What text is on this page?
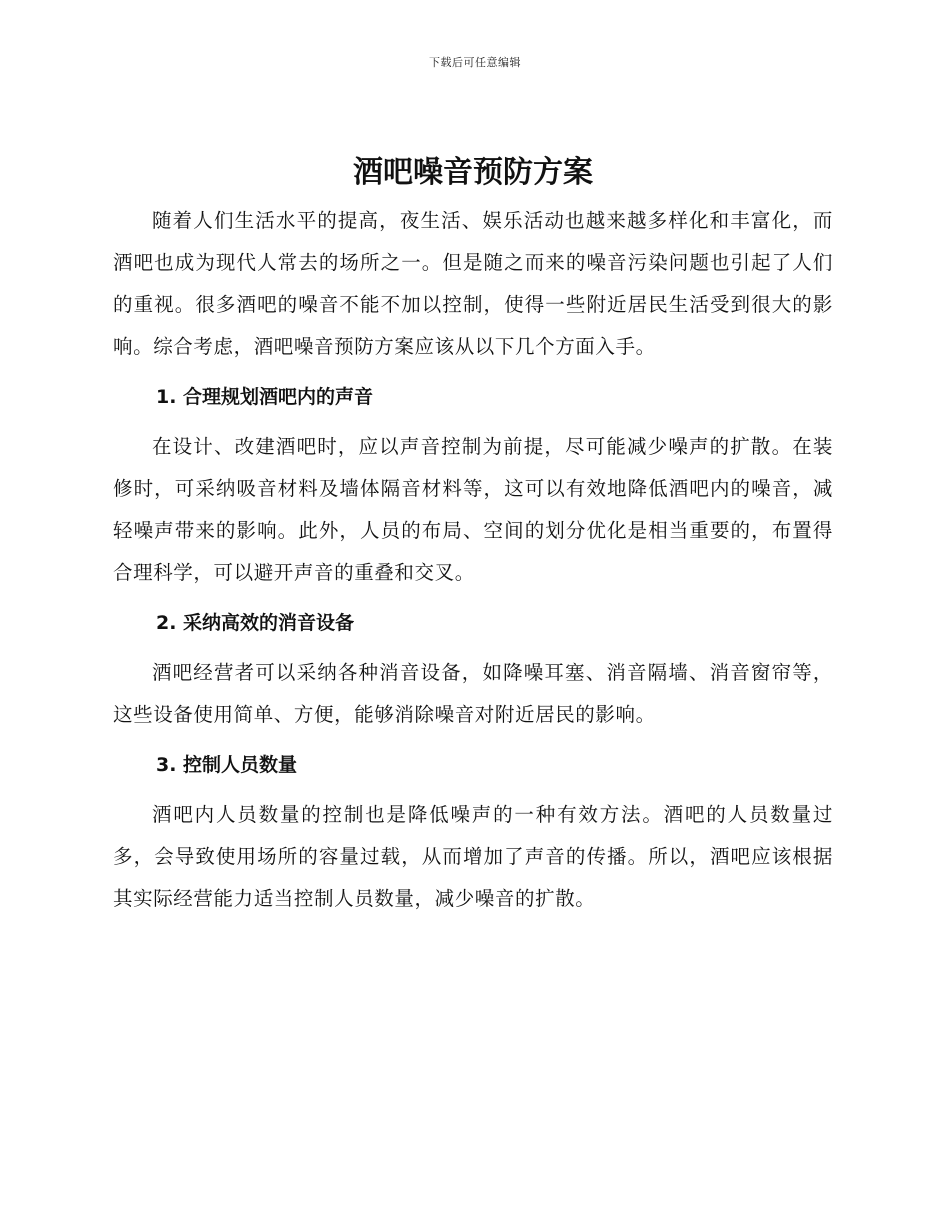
下载后可任意编辑
酒吧噪音预防方案

随着人们生活水平的提高，夜生活、娱乐活动也越来越多样化和丰富化，而酒吧也成为现代人常去的场所之一。但是随之而来的噪音污染问题也引起了人们的重视。很多酒吧的噪音不能不加以控制，使得一些附近居民生活受到很大的影响。综合考虑，酒吧噪音预防方案应该从以下几个方面入手。

1. 合理规划酒吧内的声音

在设计、改建酒吧时，应以声音控制为前提，尽可能减少噪声的扩散。在装修时，可采纳吸音材料及墙体隔音材料等，这可以有效地降低酒吧内的噪音，减轻噪声带来的影响。此外，人员的布局、空间的划分优化是相当重要的，布置得合理科学，可以避开声音的重叠和交叉。

2. 采纳高效的消音设备

酒吧经营者可以采纳各种消音设备，如降噪耳塞、消音隔墙、消音窗帘等，这些设备使用简单、方便，能够消除噪音对附近居民的影响。

3. 控制人员数量

酒吧内人员数量的控制也是降低噪声的一种有效方法。酒吧的人员数量过多，会导致使用场所的容量过载，从而增加了声音的传播。所以，酒吧应该根据其实际经营能力适当控制人员数量，减少噪音的扩散。
